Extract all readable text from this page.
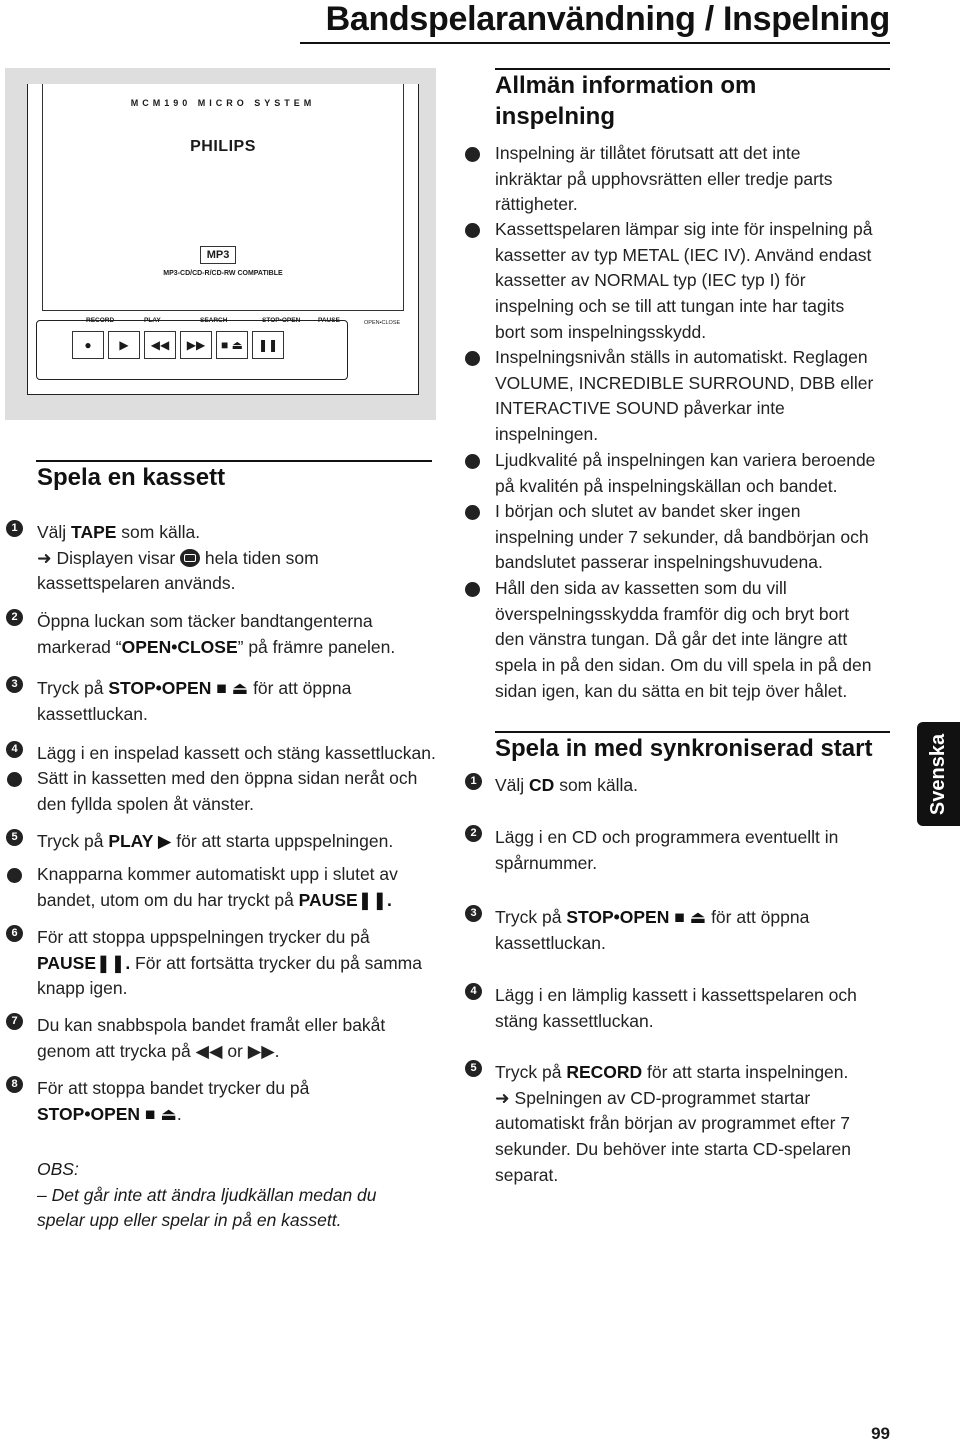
Bandspelaranvändning / Inspelning
MCM190 MICRO SYSTEM
PHILIPS
MP3
MP3-CD/CD-R/CD-RW COMPATIBLE
RECORD	PLAY	SEARCH	STOP•OPEN	PAUSE	OPEN•CLOSE
●	▶	◀◀	▶▶	■ ⏏	❚❚
Spela en kassett
1	Välj TAPE som källa.
➜ Displayen visar
hela tiden som
kassettspelaren används.
2	Öppna luckan som täcker bandtangenterna
markerad “OPEN•CLOSE” på främre panelen.
3	Tryck på STOP•OPEN ■ ⏏ för att öppna
kassettluckan.
4	Lägg i en inspelad kassett och stäng kassettluckan.
Sätt in kassetten med den öppna sidan neråt och
den fyllda spolen åt vänster.
5	Tryck på PLAY ▶ för att starta uppspelningen.
Knapparna kommer automatiskt upp i slutet av
bandet, utom om du har tryckt på PAUSE❚❚.
6	För att stoppa uppspelningen trycker du på
PAUSE❚❚. För att fortsätta trycker du på samma
knapp igen.
7	Du kan snabbspola bandet framåt eller bakåt
genom att trycka på ◀◀ or ▶▶.
8	För att stoppa bandet trycker du på
STOP•OPEN ■ ⏏.
OBS:
– Det går inte att ändra ljudkällan medan du
spelar upp eller spelar in på en kassett.
Allmän information om
inspelning
Inspelning är tillåtet förutsatt att det inte
inkräktar på upphovsrätten eller tredje parts
rättigheter.
Kassettspelaren lämpar sig inte för inspelning på
kassetter av typ METAL (IEC IV). Använd endast
kassetter av NORMAL typ (IEC typ I) för
inspelning och se till att tungan inte har tagits
bort som inspelningsskydd.
Inspelningsnivån ställs in automatiskt. Reglagen
VOLUME, INCREDIBLE SURROUND, DBB eller
INTERACTIVE SOUND påverkar inte
inspelningen.
Ljudkvalité på inspelningen kan variera beroende
på kvalitén på inspelningskällan och bandet.
I början och slutet av bandet sker ingen
inspelning under 7 sekunder, då bandbörjan och
bandslutet passerar inspelningshuvudena.
Håll den sida av kassetten som du vill
överspelningsskydda framför dig och bryt bort
den vänstra tungan. Då går det inte längre att
spela in på den sidan. Om du vill spela in på den
sidan igen, kan du sätta en bit tejp över hålet.
Spela in med synkroniserad start
1	Välj CD som källa.
2	Lägg i en CD och programmera eventuellt in
spårnummer.
3	Tryck på STOP•OPEN ■ ⏏ för att öppna
kassettluckan.
4	Lägg i en lämplig kassett i kassettspelaren och
stäng kassettluckan.
5	Tryck på RECORD för att starta inspelningen.
➜ Spelningen av CD-programmet startar
automatiskt från början av programmet efter 7
sekunder. Du behöver inte starta CD-spelaren
separat.
Svenska
99
